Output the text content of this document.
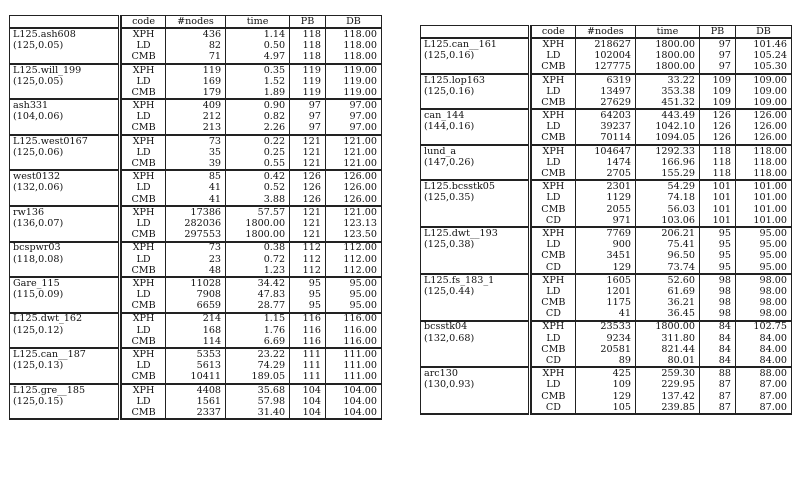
		code	#nodes	time	PB	DB
L125.ash608		XPH	436	1.14	118	118.00
(125,0.05)		LD	82	0.50	118	118.00
		CMB	71	4.97	118	118.00
L125.will_199		XPH	119	0.35	119	119.00
(125,0.05)		LD	169	1.52	119	119.00
		CMB	179	1.89	119	119.00
ash331		XPH	409	0.90	97	97.00
(104,0.06)		LD	212	0.82	97	97.00
		CMB	213	2.26	97	97.00
L125.west0167		XPH	73	0.22	121	121.00
(125,0.06)		LD	35	0.25	121	121.00
		CMB	39	0.55	121	121.00
west0132		XPH	85	0.42	126	126.00
(132,0.06)		LD	41	0.52	126	126.00
		CMB	41	3.88	126	126.00
rw136		XPH	17386	57.57	121	121.00
(136,0.07)		LD	282036	1800.00	121	123.13
		CMB	297553	1800.00	121	123.50
bcspwr03		XPH	73	0.38	112	112.00
(118,0.08)		LD	23	0.72	112	112.00
		CMB	48	1.23	112	112.00
Gare_115		XPH	11028	34.42	95	95.00
(115,0.09)		LD	7908	47.83	95	95.00
		CMB	6659	28.77	95	95.00
L125.dwt_162		XPH	214	1.15	116	116.00
(125,0.12)		LD	168	1.76	116	116.00
		CMB	114	6.69	116	116.00
L125.can__187		XPH	5353	23.22	111	111.00
(125,0.13)		LD	5613	74.29	111	111.00
		CMB	10411	189.05	111	111.00
L125.gre__185		XPH	4408	35.68	104	104.00
(125,0.15)		LD	1561	57.98	104	104.00
		CMB	2337	31.40	104	104.00
		code	#nodes	time	PB	DB
L125.can__161		XPH	218627	1800.00	97	101.46
(125,0.16)		LD	102004	1800.00	97	105.24
		CMB	127775	1800.00	97	105.30
L125.lop163		XPH	6319	33.22	109	109.00
(125,0.16)		LD	13497	353.38	109	109.00
		CMB	27629	451.32	109	109.00
can_144		XPH	64203	443.49	126	126.00
(144,0.16)		LD	39237	1042.10	126	126.00
		CMB	70114	1094.05	126	126.00
lund_a		XPH	104647	1292.33	118	118.00
(147,0.26)		LD	1474	166.96	118	118.00
		CMB	2705	155.29	118	118.00
L125.bcsstk05		XPH	2301	54.29	101	101.00
(125,0.35)		LD	1129	74.18	101	101.00
		CMB	2055	56.03	101	101.00
		CD	971	103.06	101	101.00
L125.dwt__193		XPH	7769	206.21	95	95.00
(125,0.38)		LD	900	75.41	95	95.00
		CMB	3451	96.50	95	95.00
		CD	129	73.74	95	95.00
L125.fs_183_1		XPH	1605	52.60	98	98.00
(125,0.44)		LD	1201	61.69	98	98.00
		CMB	1175	36.21	98	98.00
		CD	41	36.45	98	98.00
bcsstk04		XPH	23533	1800.00	84	102.75
(132,0.68)		LD	9234	311.80	84	84.00
		CMB	20581	821.44	84	84.00
		CD	89	80.01	84	84.00
arc130		XPH	425	259.30	88	88.00
(130,0.93)		LD	109	229.95	87	87.00
		CMB	129	137.42	87	87.00
		CD	105	239.85	87	87.00
